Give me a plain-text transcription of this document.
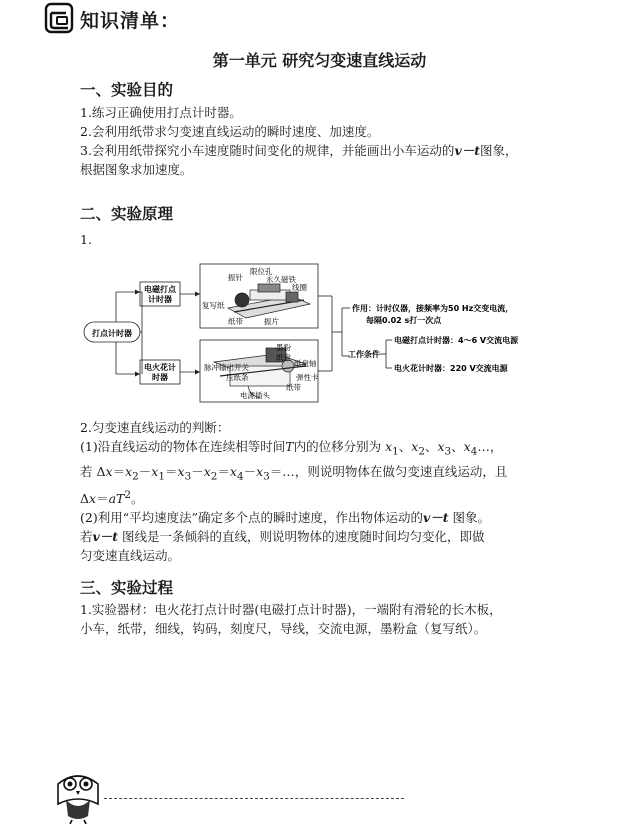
知识清单：
第一单元 研究匀变速直线运动
一、实验目的

1.练习正确使用打点计时器。

2.会利用纸带求匀变速直线运动的瞬时速度、加速度。

3.会利用纸带探究小车速度随时间变化的规律，并能画出小车运动的v－t图象，

根据图象求加速度。

二、实验原理
1.
打点计时器
电磁打点
计时器
电火花计
时器
限位孔
振针	永久磁铁
线圈
复写纸
纸带	振片
墨粉
纸盘
纸盘轴
脉冲输出开关
压纸条	弹性卡
纸带
电源插头
作用：计时仪器，接频率为50 Hz交变电流，
每隔0.02 s打一次点
工作条件
电磁打点计时器：4～6 V交流电源
电火花计时器：220 V交流电源

2.匀变速直线运动的判断：

(1)沿直线运动的物体在连续相等时间T内的位移分别为 $x_1$、$x_2$、$x_3$、$x_4\dots$，

若 $\Delta x=x_2-x_1=x_3-x_2=x_4-x_3=\dots$，则说明物体在做匀变速直线运动，且

$\Delta x=aT^2$。

(2)利用“平均速度法”确定多个点的瞬时速度，作出物体运动的v－t 图象。

若v－t 图线是一条倾斜的直线，则说明物体的速度随时间均匀变化，即做

匀变速直线运动。

三、实验过程

1.实验器材：电火花打点计时器(电磁打点计时器)，一端附有滑轮的长木板，

小车，纸带，细线，钩码，刻度尺，导线，交流电源，墨粉盒（复写纸）。
